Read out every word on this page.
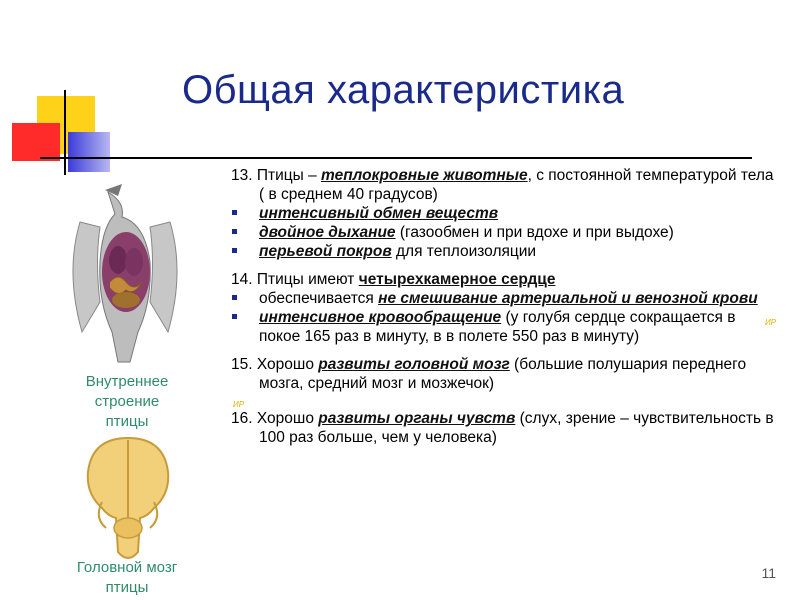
Общая характеристика
Внутреннее
строение
птицы
Головной мозг
птицы
13. Птицы – теплокровные животные, с постоянной температурой тела ( в среднем 40 градусов)
интенсивный обмен веществ
двойное дыхание (газообмен и при вдохе и при выдохе)
перьевой покров для теплоизоляции
14. Птицы имеют четырехкамерное сердце
обеспечивается не смешивание артериальной и венозной крови
ИР
интенсивное кровообращение (у голубя сердце сокращается в покое 165 раз в минуту, в в полете 550 раз в минуту)
15. Хорошо развиты головной мозг (большие полушария переднего мозга, средний мозг и мозжечок)
ИР
16. Хорошо развиты органы чувств (слух, зрение – чувствительность в 100 раз больше, чем у человека)
11
